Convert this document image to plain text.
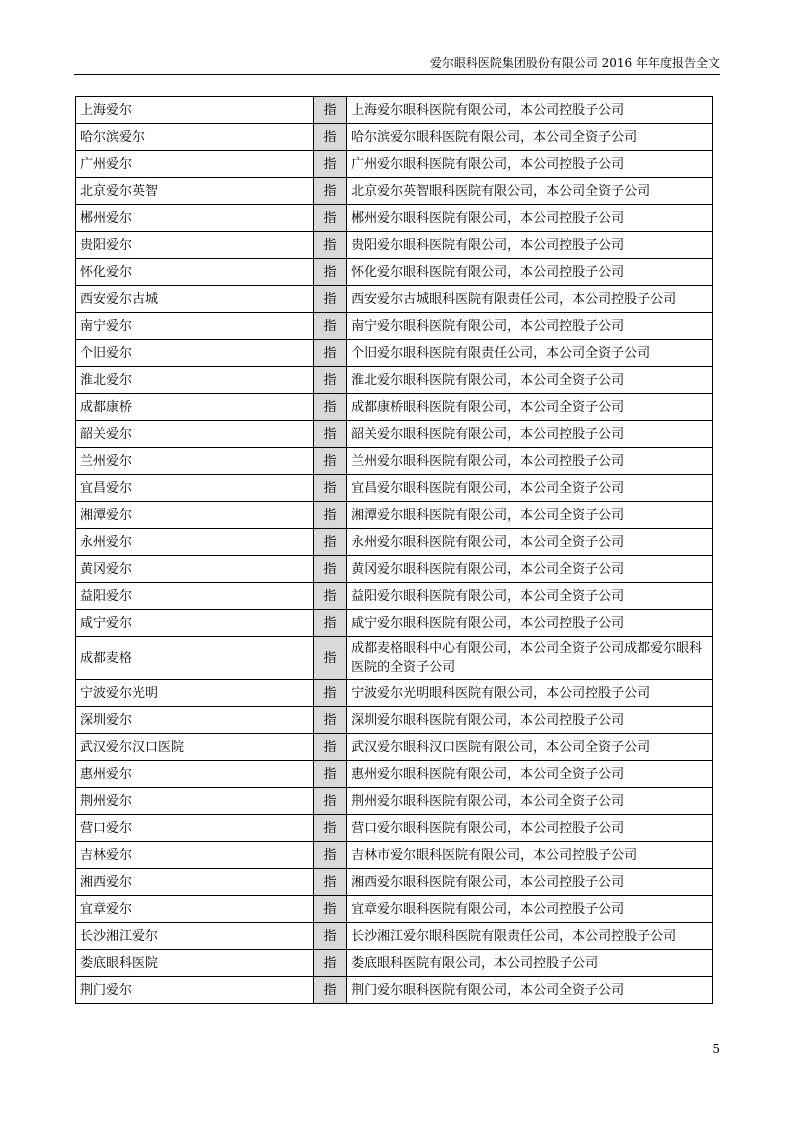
爱尔眼科医院集团股份有限公司 2016 年年度报告全文
上海爱尔	指	上海爱尔眼科医院有限公司，本公司控股子公司
哈尔滨爱尔	指	哈尔滨爱尔眼科医院有限公司，本公司全资子公司
广州爱尔	指	广州爱尔眼科医院有限公司，本公司控股子公司
北京爱尔英智	指	北京爱尔英智眼科医院有限公司，本公司全资子公司
郴州爱尔	指	郴州爱尔眼科医院有限公司，本公司控股子公司
贵阳爱尔	指	贵阳爱尔眼科医院有限公司，本公司控股子公司
怀化爱尔	指	怀化爱尔眼科医院有限公司，本公司控股子公司
西安爱尔古城	指	西安爱尔古城眼科医院有限责任公司，本公司控股子公司
南宁爱尔	指	南宁爱尔眼科医院有限公司，本公司控股子公司
个旧爱尔	指	个旧爱尔眼科医院有限责任公司，本公司全资子公司
淮北爱尔	指	淮北爱尔眼科医院有限公司，本公司全资子公司
成都康桥	指	成都康桥眼科医院有限公司，本公司全资子公司
韶关爱尔	指	韶关爱尔眼科医院有限公司，本公司控股子公司
兰州爱尔	指	兰州爱尔眼科医院有限公司，本公司控股子公司
宜昌爱尔	指	宜昌爱尔眼科医院有限公司，本公司全资子公司
湘潭爱尔	指	湘潭爱尔眼科医院有限公司，本公司全资子公司
永州爱尔	指	永州爱尔眼科医院有限公司，本公司全资子公司
黄冈爱尔	指	黄冈爱尔眼科医院有限公司，本公司全资子公司
益阳爱尔	指	益阳爱尔眼科医院有限公司，本公司全资子公司
咸宁爱尔	指	咸宁爱尔眼科医院有限公司，本公司控股子公司
成都麦格	指	成都麦格眼科中心有限公司，本公司全资子公司成都爱尔眼科医院的全资子公司
宁波爱尔光明	指	宁波爱尔光明眼科医院有限公司，本公司控股子公司
深圳爱尔	指	深圳爱尔眼科医院有限公司，本公司控股子公司
武汉爱尔汉口医院	指	武汉爱尔眼科汉口医院有限公司，本公司全资子公司
惠州爱尔	指	惠州爱尔眼科医院有限公司，本公司全资子公司
荆州爱尔	指	荆州爱尔眼科医院有限公司，本公司全资子公司
营口爱尔	指	营口爱尔眼科医院有限公司，本公司控股子公司
吉林爱尔	指	吉林市爱尔眼科医院有限公司，本公司控股子公司
湘西爱尔	指	湘西爱尔眼科医院有限公司，本公司控股子公司
宜章爱尔	指	宜章爱尔眼科医院有限公司，本公司控股子公司
长沙湘江爱尔	指	长沙湘江爱尔眼科医院有限责任公司，本公司控股子公司
娄底眼科医院	指	娄底眼科医院有限公司，本公司控股子公司
荆门爱尔	指	荆门爱尔眼科医院有限公司，本公司全资子公司
5
